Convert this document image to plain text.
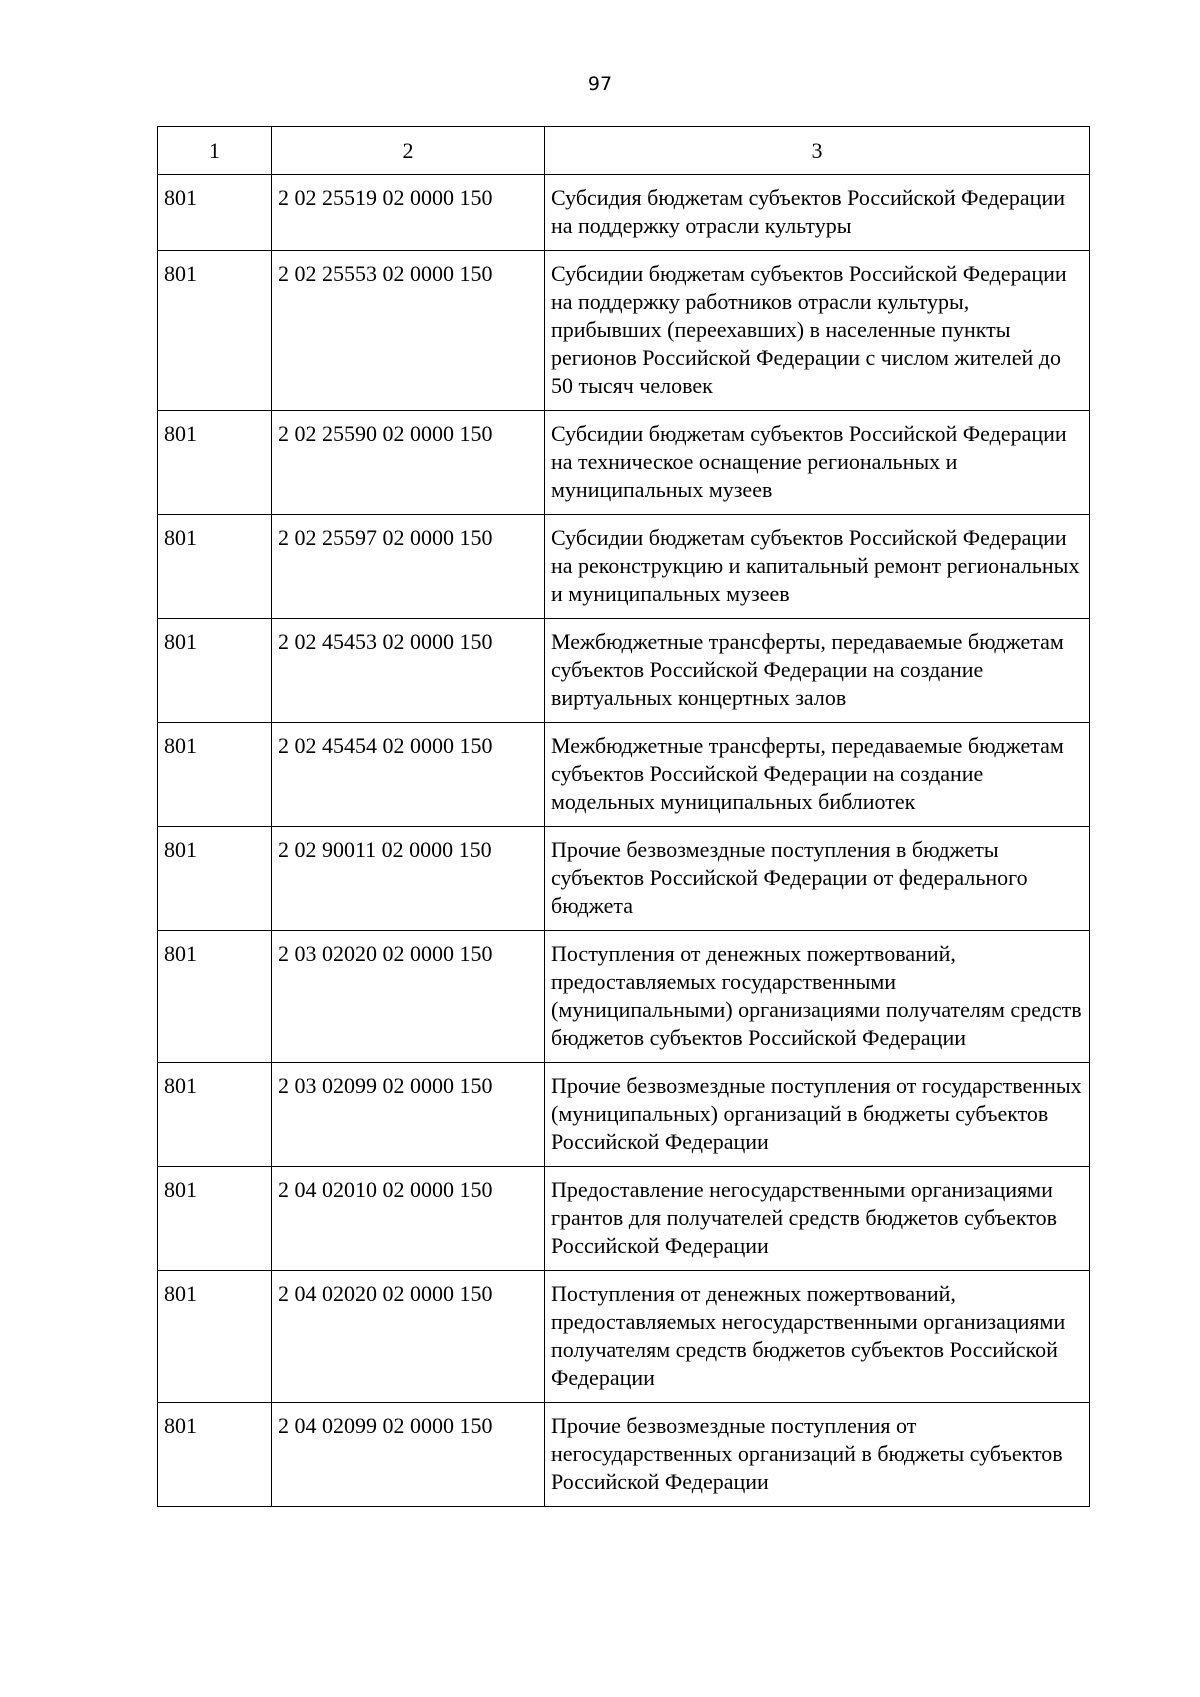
97
1	2	3
801	2 02 25519 02 0000 150	Субсидия бюджетам субъектов Российской Федерации на поддержку отрасли культуры
801	2 02 25553 02 0000 150	Субсидии бюджетам субъектов Российской Федерации на поддержку работников отрасли культуры, прибывших (переехавших) в населенные пункты регионов Российской Федерации с числом жителей до 50 тысяч человек
801	2 02 25590 02 0000 150	Субсидии бюджетам субъектов Российской Федерации на техническое оснащение региональных и муниципальных музеев
801	2 02 25597 02 0000 150	Субсидии бюджетам субъектов Российской Федерации на реконструкцию и капитальный ремонт региональных и муниципальных музеев
801	2 02 45453 02 0000 150	Межбюджетные трансферты, передаваемые бюджетам субъектов Российской Федерации на создание виртуальных концертных залов
801	2 02 45454 02 0000 150	Межбюджетные трансферты, передаваемые бюджетам субъектов Российской Федерации на создание модельных муниципальных библиотек
801	2 02 90011 02 0000 150	Прочие безвозмездные поступления в бюджеты субъектов Российской Федерации от федерального бюджета
801	2 03 02020 02 0000 150	Поступления от денежных пожертвований, предоставляемых государственными (муниципальными) организациями получателям средств бюджетов субъектов Российской Федерации
801	2 03 02099 02 0000 150	Прочие безвозмездные поступления от государственных (муниципальных) организаций в бюджеты субъектов Российской Федерации
801	2 04 02010 02 0000 150	Предоставление негосударственными организациями грантов для получателей средств бюджетов субъектов Российской Федерации
801	2 04 02020 02 0000 150	Поступления от денежных пожертвований, предоставляемых негосударственными организациями получателям средств бюджетов субъектов Российской Федерации
801	2 04 02099 02 0000 150	Прочие безвозмездные поступления от негосударственных организаций в бюджеты субъектов Российской Федерации
